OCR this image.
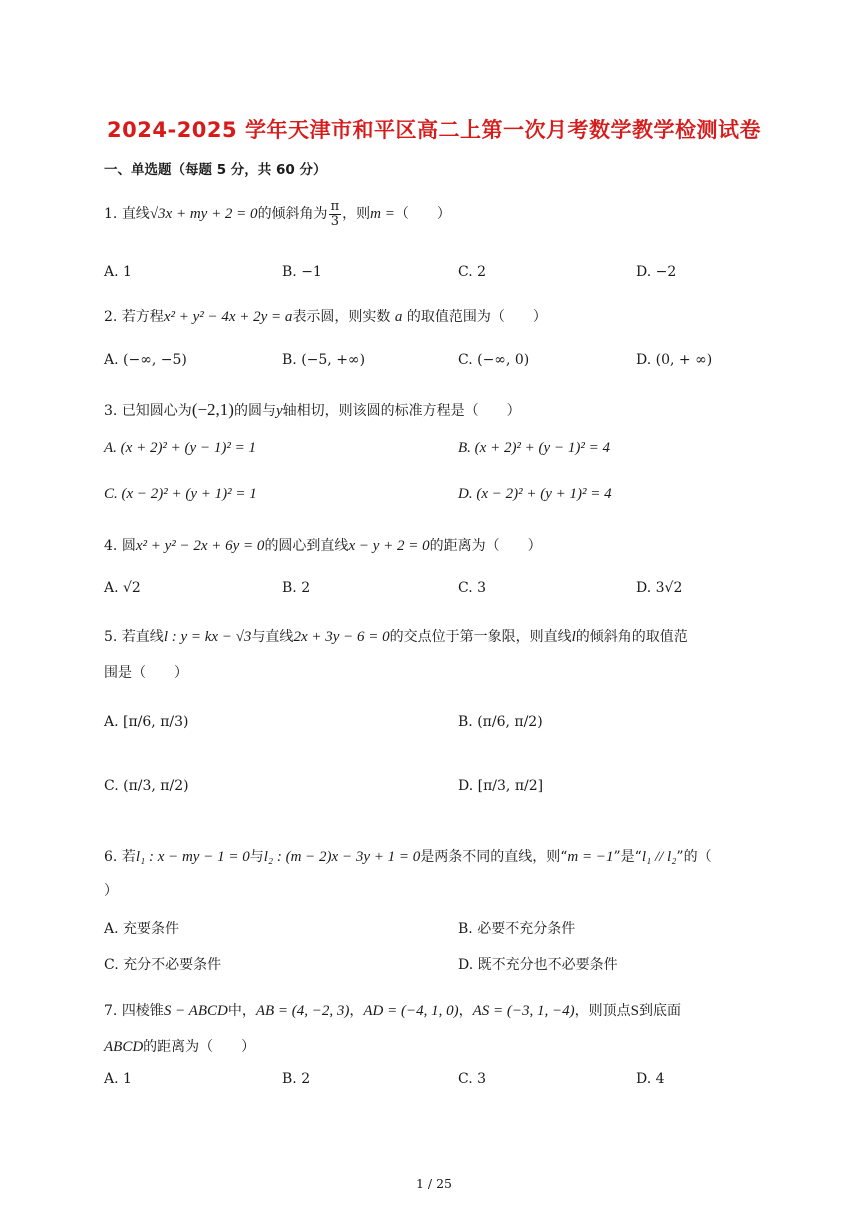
2024-2025 学年天津市和平区高二上第一次月考数学教学检测试卷
一、单选题（每题 5 分，共 60 分）
1. 直线√3x + my + 2 = 0的倾斜角为 $\frac{\pi}{3}$ ，则m =（　　）
A. 1	B. −1	C. 2	D. −2
2. 若方程x² + y² − 4x + 2y = a表示圆，则实数 a 的取值范围为（　　）
A. (−∞, −5)	B. (−5, +∞)	C. (−∞, 0)	D. (0, + ∞)
3. 已知圆心为(−2,1)的圆与y轴相切，则该圆的标准方程是（　　）
A. (x + 2)² + (y − 1)² = 1	B. (x + 2)² + (y − 1)² = 4
C. (x − 2)² + (y + 1)² = 1	D. (x − 2)² + (y + 1)² = 4
4. 圆x² + y² − 2x + 6y = 0的圆心到直线x − y + 2 = 0的距离为（　　）
A. √2	B. 2	C. 3	D. 3√2
5. 若直线l : y = kx − √3与直线2x + 3y − 6 = 0的交点位于第一象限，则直线l的倾斜角的取值范
围是（　　）
A. [π/6, π/3)	B. (π/6, π/2)
C. (π/3, π/2)	D. [π/3, π/2]
6. 若l₁ : x − my − 1 = 0与l₂ : (m − 2)x − 3y + 1 = 0是两条不同的直线，则“m = −1”是“l₁ // l₂”的（
）
A. 充要条件	B. 必要不充分条件
C. 充分不必要条件	D. 既不充分也不必要条件
7. 四棱锥S − ABCD中，AB = (4, −2, 3)，AD = (−4, 1, 0)，AS = (−3, 1, −4)，则顶点S到底面
ABCD的距离为（　　）
A. 1	B. 2	C. 3	D. 4
1 / 25
